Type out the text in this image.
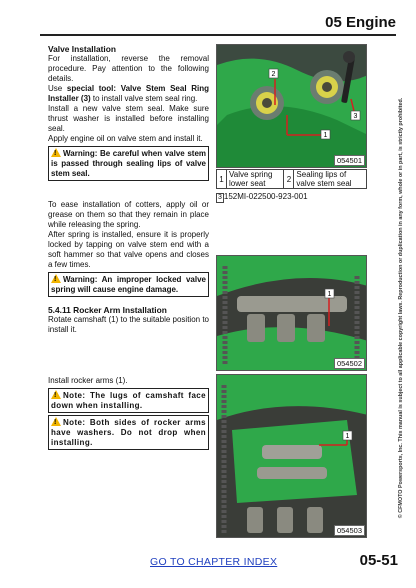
05 Engine

Valve Installation

For installation, reverse the removal procedure. Pay attention to the following details.

Use special tool: Valve Stem Seal Ring Installer (3) to install valve stem seal ring.

Install a new valve stem seal. Make sure thrust washer is installed before installing seal.

Apply engine oil on valve stem and install it.

!Warning: Be careful when valve stem is passed through sealing lips of valve stem seal.
2
3
1
054501
1	Valve spring lower seat	2	Sealing lips of valve stem seal
3 152MI-022500-923-001

To ease installation of cotters, apply oil or grease on them so that they remain in place while releasing the spring.

After spring is installed, ensure it is properly locked by tapping on valve stem end with a soft hammer so that valve opens and closes a few times.

!Warning: An improper locked valve spring will cause engine damage.

5.4.11 Rocker Arm Installation

Rotate camshaft (1) to the suitable position to install it.

1
054502

Install rocker arms (1).

!Note: The lugs of camshaft face down when installing.
!Note: Both sides of rocker arms have washers. Do not drop when installing.
1
054503
© CFMOTO Powersports, Inc. This manual is subject to all applicable copyright laws. Reproduction or duplication in any form, whole or in part, is strictly prohibited.
GO TO CHAPTER INDEX	05-51
